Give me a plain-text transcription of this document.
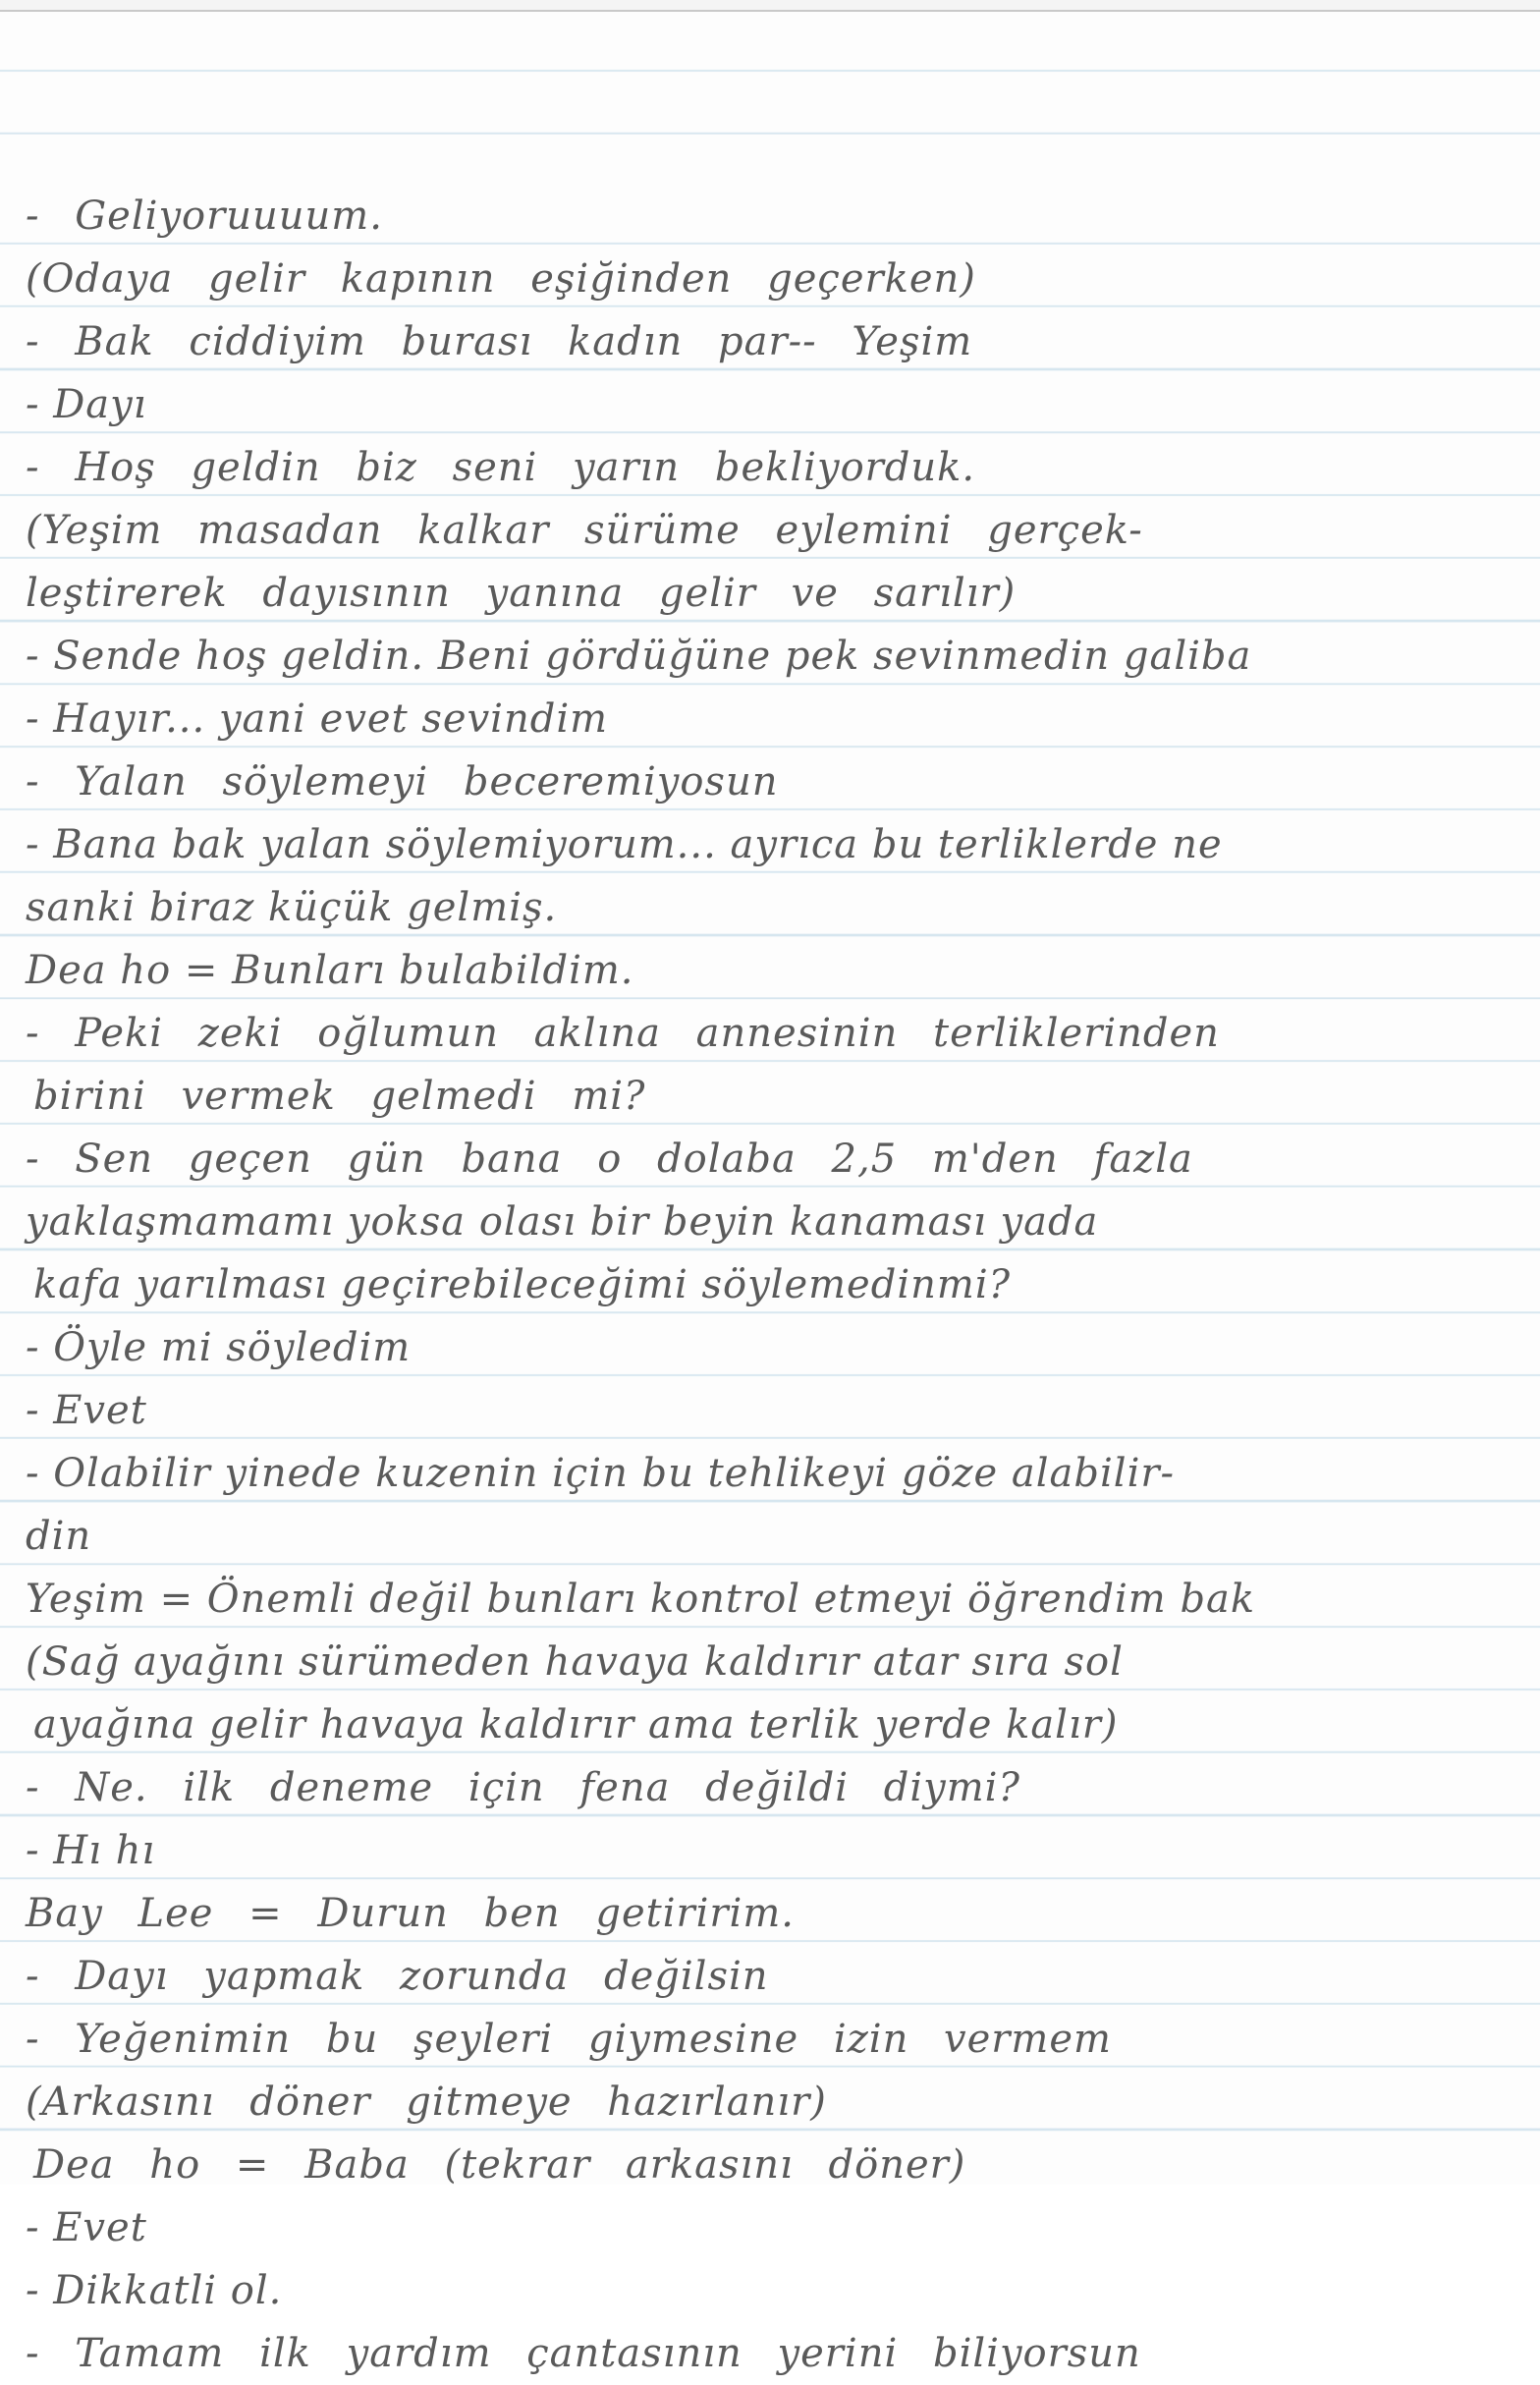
- Geliyoruuuum.
(Odaya gelir kapının eşiğinden geçerken)
- Bak ciddiyim burası kadın par-- Yeşim
- Dayı
- Hoş geldin biz seni yarın bekliyorduk.
(Yeşim masadan kalkar sürüme eylemini gerçek-
leştirerek dayısının yanına gelir ve sarılır)
- Sende hoş geldin. Beni gördüğüne pek sevinmedin galiba
- Hayır... yani evet sevindim
- Yalan söylemeyi beceremiyosun
- Bana bak yalan söylemiyorum... ayrıca bu terliklerde ne
sanki biraz küçük gelmiş.
Dea ho = Bunları bulabildim.
- Peki zeki oğlumun aklına annesinin terliklerinden
birini vermek gelmedi mi?
- Sen geçen gün bana o dolaba 2,5 m'den fazla
yaklaşmamamı yoksa olası bir beyin kanaması yada
kafa yarılması geçirebileceğimi söylemedinmi?
- Öyle mi söyledim
- Evet
- Olabilir yinede kuzenin için bu tehlikeyi göze alabilir-
din
Yeşim = Önemli değil bunları kontrol etmeyi öğrendim bak
(Sağ ayağını sürümeden havaya kaldırır atar sıra sol
ayağına gelir havaya kaldırır ama terlik yerde kalır)
- Ne. ilk deneme için fena değildi diymi?
- Hı hı
Bay Lee = Durun ben getiririm.
- Dayı yapmak zorunda değilsin
- Yeğenimin bu şeyleri giymesine izin vermem
(Arkasını döner gitmeye hazırlanır)
Dea ho = Baba (tekrar arkasını döner)
- Evet
- Dikkatli ol.
- Tamam ilk yardım çantasının yerini biliyorsun
